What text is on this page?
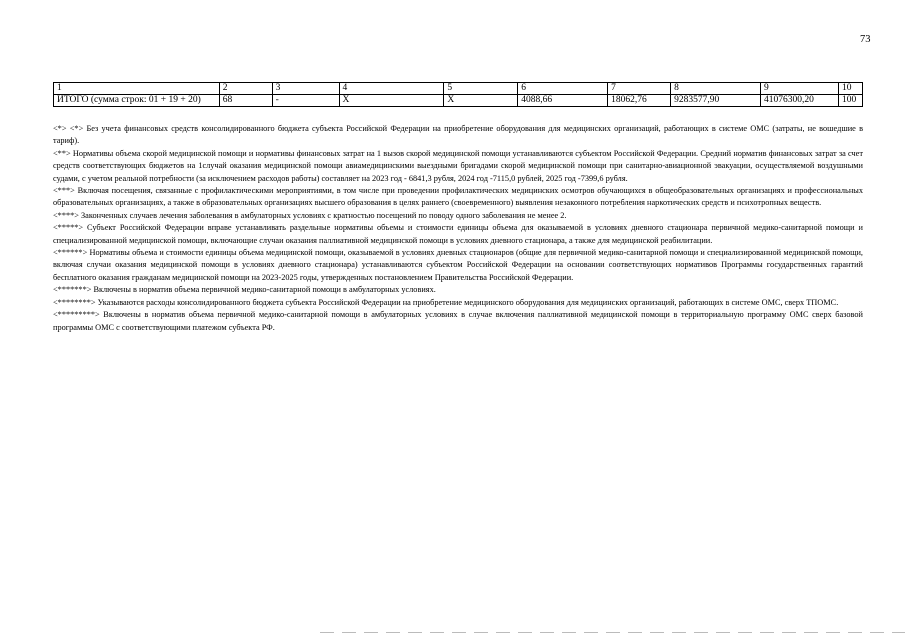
73
1	2	3	4	5	6	7	8	9	10
ИТОГО (сумма строк: 01 + 19 + 20)	68	-	X	X	4088,66	18062,76	9283577,90	41076300,20	100

<*> <*> Без учета финансовых средств консолидированного бюджета субъекта Российской Федерации на приобретение оборудования для медицинских организаций, работающих в системе ОМС (затраты, не вошедшие в тариф).

<**> Нормативы объема скорой медицинской помощи и нормативы финансовых затрат на 1 вызов скорой медицинской помощи устанавливаются субъектом Российской Федерации. Средний норматив финансовых затрат за счет средств соответствующих бюджетов на 1случай оказания медицинской помощи авиамедицинскими выездными бригадами скорой медицинской помощи при санитарно-авиационной эвакуации, осуществляемой воздушными судами, с учетом реальной потребности (за исключением расходов работы) составляет на 2023 год - 6841,3 рубля, 2024 год -7115,0 рублей, 2025 год -7399,6 рубля.

<***> Включая посещения, связанные с профилактическими мероприятиями, в том числе при проведении профилактических медицинских осмотров обучающихся в общеобразовательных организациях и профессиональных образовательных организациях, а также в образовательных организациях высшего образования в целях раннего (своевременного) выявления незаконного потребления наркотических средств и психотропных веществ.

<****> Законченных случаев лечения заболевания в амбулаторных условиях с кратностью посещений по поводу одного заболевания не менее 2.

<*****> Субъект Российской Федерации вправе устанавливать раздельные нормативы объемы и стоимости единицы объема для оказываемой в условиях дневного стационара первичной медико-санитарной помощи и специализированной медицинской помощи, включающие случаи оказания паллиативной медицинской помощи в условиях дневного стационара, а также для медицинской реабилитации.

<******> Нормативы объема и стоимости единицы объема медицинской помощи, оказываемой в условиях дневных стационаров (общие для первичной медико-санитарной помощи и специализированной медицинской помощи, включая случаи оказания медицинской помощи в условиях дневного стационара) устанавливаются субъектом Российской Федерации на основании соответствующих нормативов Программы государственных гарантий бесплатного оказания гражданам медицинской помощи на 2023-2025 годы, утвержденных постановлением Правительства Российской Федерации.

<*******> Включены в норматив объема первичной медико-санитарной помощи в амбулаторных условиях.

<********> Указываются расходы консолидированного бюджета субъекта Российской Федерации на приобретение медицинского оборудования для медицинских организаций, работающих в системе ОМС, сверх ТПОМС.

<*********> Включены в норматив объема первичной медико-санитарной помощи в амбулаторных условиях в случае включения паллиативной медицинской помощи в территориальную программу ОМС сверх базовой программы ОМС с соответствующими платежом субъекта РФ.
